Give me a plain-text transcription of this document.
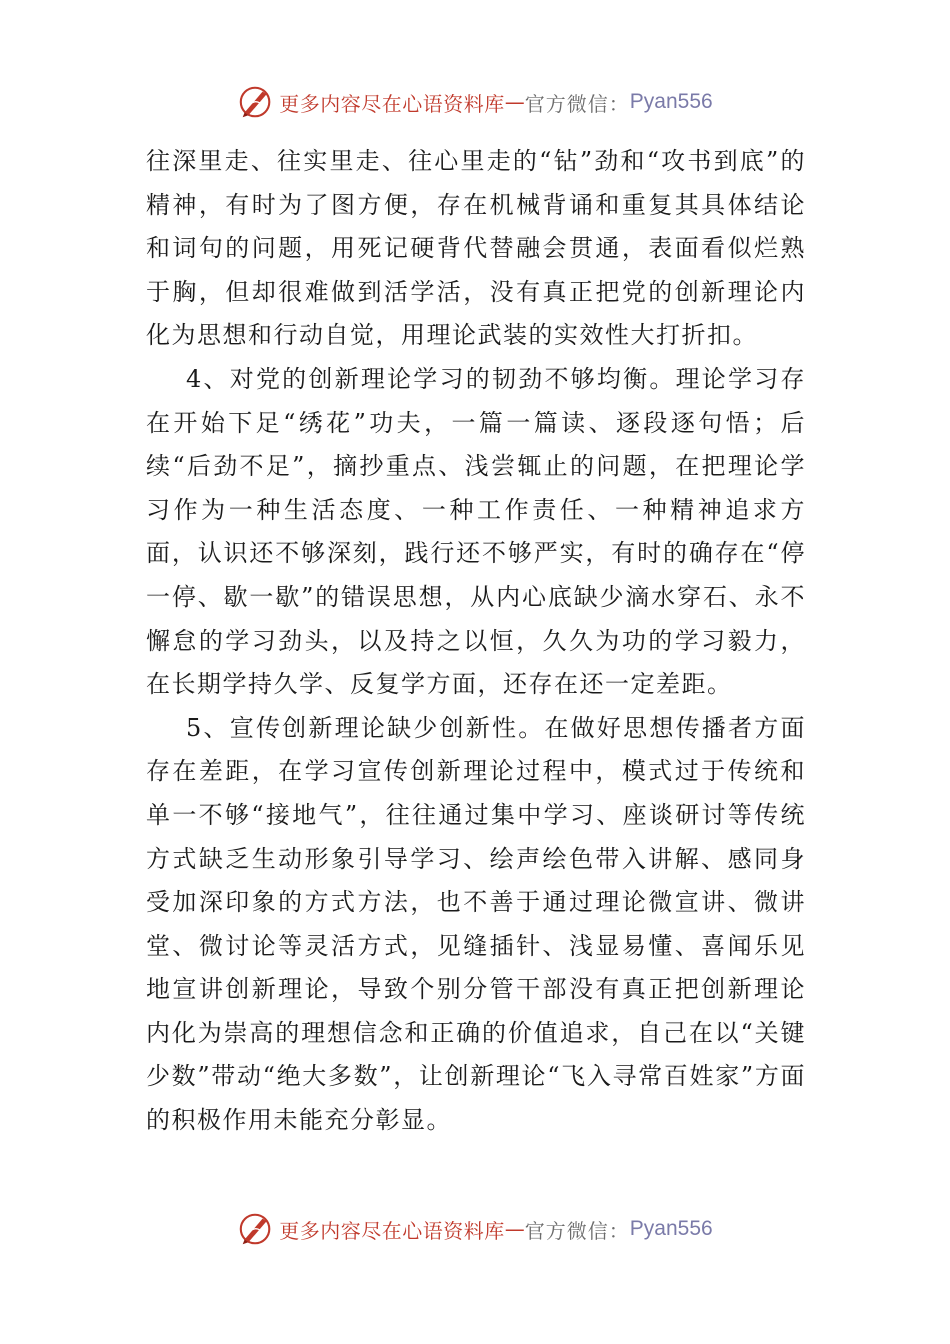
更多内容尽在心语资料库 — 官方微信： Pyan556

往深里走、往实里走、往心里走的“钻”劲和“攻书到底”的精神，有时为了图方便，存在机械背诵和重复其具体结论和词句的问题，用死记硬背代替融会贯通，表面看似烂熟于胸，但却很难做到活学活，没有真正把党的创新理论内化为思想和行动自觉，用理论武装的实效性大打折扣。

4、对党的创新理论学习的韧劲不够均衡。理论学习存在开始下足“绣花”功夫，一篇一篇读、逐段逐句悟；后续“后劲不足”，摘抄重点、浅尝辄止的问题，在把理论学习作为一种生活态度、一种工作责任、一种精神追求方面，认识还不够深刻，践行还不够严实，有时的确存在“停一停、歇一歇”的错误思想，从内心底缺少滴水穿石、永不懈怠的学习劲头，以及持之以恒，久久为功的学习毅力，在长期学持久学、反复学方面，还存在还一定差距。

5、宣传创新理论缺少创新性。在做好思想传播者方面存在差距，在学习宣传创新理论过程中，模式过于传统和单一不够“接地气”，往往通过集中学习、座谈研讨等传统方式缺乏生动形象引导学习、绘声绘色带入讲解、感同身受加深印象的方式方法，也不善于通过理论微宣讲、微讲堂、微讨论等灵活方式，见缝插针、浅显易懂、喜闻乐见地宣讲创新理论，导致个别分管干部没有真正把创新理论内化为崇高的理想信念和正确的价值追求，自己在以“关键少数”带动“绝大多数”，让创新理论“飞入寻常百姓家”方面的积极作用未能充分彰显。

更多内容尽在心语资料库 — 官方微信： Pyan556
